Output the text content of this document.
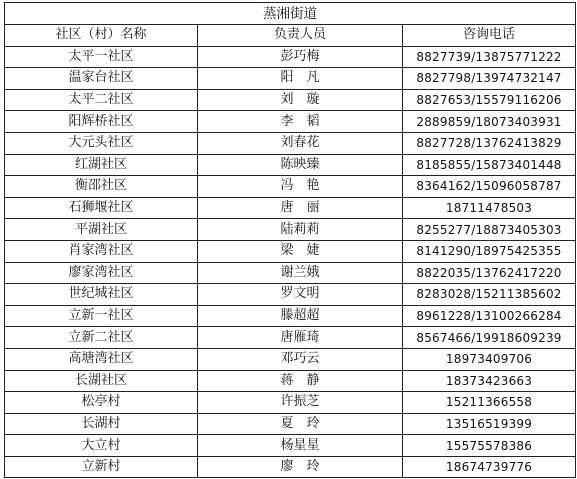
蒸湘街道		
社区（村）名称	负责人员	咨询电话
太平一社区	彭巧梅	8827739/13875771222
温家台社区	阳　凡	8827798/13974732147
太平二社区	刘　璇	8827653/15579116206
阳辉桥社区	李　韬	2889859/18073403931
大元头社区	刘春花	8827728/13762413829
红湖社区	陈映臻	8185855/15873401448
衡邵社区	冯　艳	8364162/15096058787
石狮堰社区	唐　丽	18711478503
平湖社区	陆莉莉	8255277/18873405303
肖家湾社区	梁　婕	8141290/18975425355
廖家湾社区	谢兰娥	8822035/13762417220
世纪城社区	罗文明	8283028/15211385602
立新一社区	滕超超	8961228/13100266284
立新二社区	唐雁琦	8567466/19918609239
高塘湾社区	邓巧云	18973409706
长湖社区	蒋　静	18373423663
松亭村	许振芝	15211366558
长湖村	夏　玲	13516519399
大立村	杨星星	15575578386
立新村	廖　玲	18674739776
